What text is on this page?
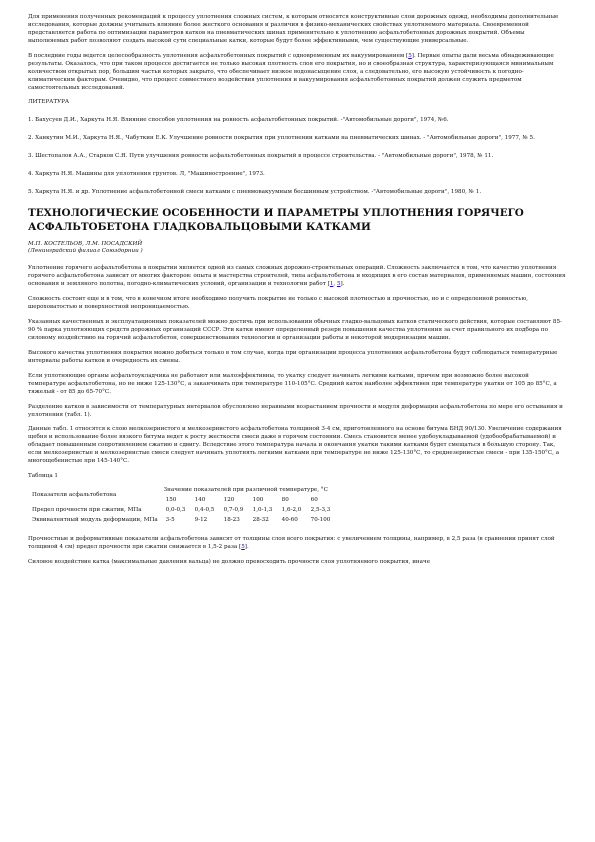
Для применения полученных рекомендаций к процессу уплотнения сложных систем, к которым относятся конструктивные слои дорожных одежд, необходимы дополнительные исследования, которые должны учитывать влияние более жесткого основания и различия в физико-механических свойствах уплотняемого материала. Своевременной представляется работа по оптимизации параметров катков на пневматических шинах применительно к уплотнению асфальтобетонных дорожных покрытий. Объемы выполняемых работ позволяют создать высокой сути специальные катки, которые будут более эффективными, чем существующие универсальные.

В последние годы ведется целесообразность уплотнения асфальтобетонных покрытий с одновременным их вакуумированием [5]. Первые опыты дали весьма обнадеживающие результаты. Оказалось, что при таком процессе достигается не только высокая плотность слоя его покрытия, но и своеобразная структура, характеризующаяся минимальным количеством открытых пор, большим частьи которых закрыто, что обеспечивает низкое водонасыщение слоя, а следовательно, его высокую устойчивость к погодно-климатическим факторам. Очевидно, что процесс совместного воздействия уплотнения и вакуумирования асфальтобетонных покрытий должен служить предметом самостоятельных исследований.

ЛИТЕРАТУРА

1. Бахусуев Д.И., Харкута Н.Я. Влияние способов уплотнения на ровность асфальтобетонных покрытий. -"Автомобильные дороги", 1974, №6.

2. Ханкутин М.И., Харкута Н.Я., Чабуткин Е.К. Улучшение ровности покрытия при уплотнении катками на пневматических шинах. - "Автомобильные дороги", 1977, № 5.

3. Шестопалов А.А., Старков С.Я. Пути улучшения ровности асфальтобетонных покрытий в процессе строительства. - "Автомобильные дороги", 1978, № 11.

4. Харкута Н.Я. Машины для уплотнения грунтов. Л, "Машиностроение", 1973.

5. Харкута Н.Я. и др. Уплотнение асфальтобетонной смеси катками с пневмовакуумным бесшинным устройством. -"Автомобильные дороги", 1980, № 1.

ТЕХНОЛОГИЧЕСКИЕ ОСОБЕННОСТИ И ПАРАМЕТРЫ УПЛОТНЕНИЯ ГОРЯЧЕГО АСФАЛЬТОБЕТОНА ГЛАДКОВАЛЬЦОВЫМИ КАТКАМИ
М.П. КОСТЕЛЬОВ, Л.М. ПОСАДСКИЙ
(Ленинградский филиал Союздорнии )

Уплотнение горячего асфальтобетона в покрытии является одной из самых сложных дорожно-строительных операций. Сложность заключается в том, что качество уплотнения горячего асфальтобетона зависит от многих факторов: опыта и мастерства строителей, типа асфальтобетона и входящих в его состав материалов, применяемых машин, состояния основания и земляного полотна, погодно-климатических условий, организации и технологии работ [1, 5].

Сложность состоит еще и в том, что в конечном итоге необходимо получить покрытие не только с высокой плотностью и прочностью, но и с определенной ровностью, шероховатостью и поверхностной непроницаемостью.

Указанных качественных и эксплуатационных показателей можно достичь при использовании обычных гладко-вальцовых катков статического действия, которые составляют 85-90 % парка уплотняющих средств дорожных организаций СССР. Эти катки имеют определенный резерв повышения качества уплотнения за счет правильного их подбора по силовому воздействию на горячий асфальтобетон, совершенствования технологии и организации работы и некоторой модернизации машин.

Высокого качества уплотнения покрытия можно добиться только в том случае, когда при организации процесса уплотнения асфальтобетона будут соблюдаться температурные интервалы работы катков и очередность их смены.

Если уплотняющие органы асфальтоукладчика не работают или малоэффективны, то укатку следует начинать легкими катками, причем при возможно более высокой температуре асфальтобетона, но не ниже 125-130°С, а заканчивать при температуре 110-105°С. Средний каток наиболее эффективен при температуре укатки от 105 до 85°С, а тяжелый - от 85 до 65-70°С.

Разделение катков в зависимости от температурных интервалов обусловлено неравными возрастанием прочности и модуля деформации асфальтобетона по мере его остывания и уплотнения (табл. 1).

Данные табл. 1 относятся к слою мелкозернистого и мелкозернистого асфальтобетона толщиной 3-4 см, приготовленного на основе битума БНД 90/130. Увеличение содержания щебня и использование более вязкого битума ведет к росту жесткости смеси даже в горячем состоянии. Смесь становится менее удобоукладываемой (удобообрабатываемой) и обладает повышенным сопротивлением сжатию и сдвигу. Вследствие этого температура начала и окончания укатки такими катками будет смещаться в большую сторону. Так, если мелкозернистые и мелкозернистые смеси следует начинать уплотнять легкими катками при температуре не ниже 125-130°С, то среднезернистые смеси - при 135-150°С, а многощебенистые при 145-140°С.

Таблица 1

Показатели асфальтобетона	Значение показателей при различной температуре, °С					
	150	140	120	100	80	60
Предел прочности при сжатии, МПа	0,0-0,3	0,4-0,5	0,7-0,9	1,0-1,3	1,6-2,0	2,5-3,3
Эквивалентный модуль деформации, МПа	3-5	9-12	18-23	28-32	40-60	70-100

Прочностные и деформативные показатели асфальтобетона зависят от толщины слоя всего покрытия: с увеличением толщины, например, в 2,5 раза (в сравнении принят слой толщиной 4 см) предел прочности при сжатии снижается в 1,5-2 раза [5].

Силовое воздействие катка (максимальные давления вальца) не должно превосходить прочности слоя уплотняемого покрытия, иначе
